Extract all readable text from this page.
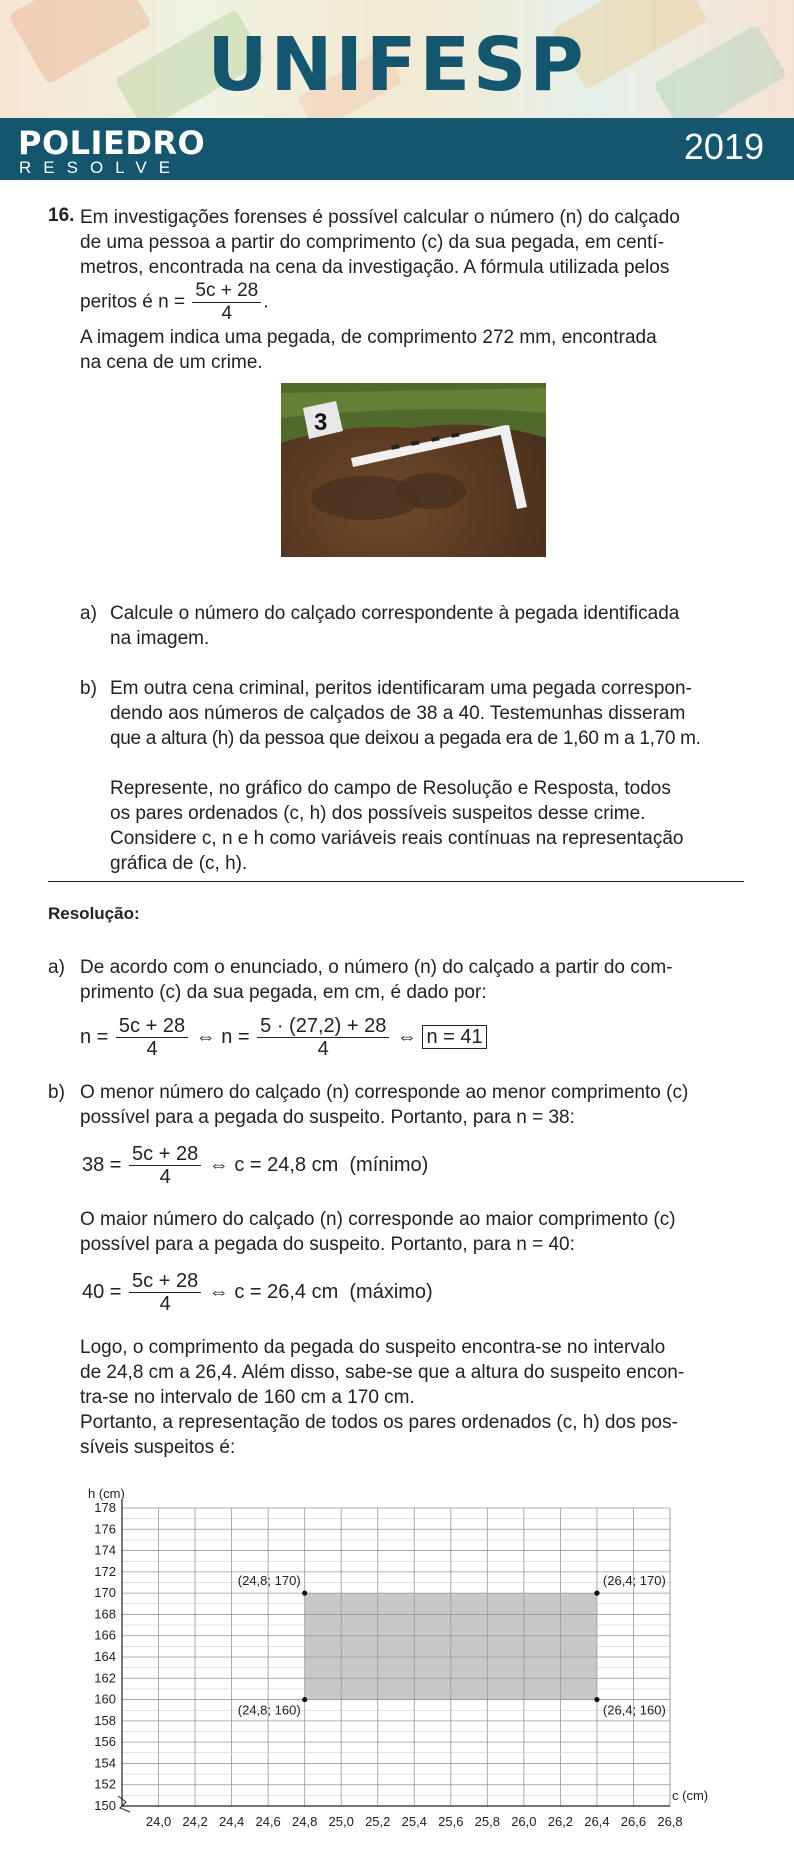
UNIFESP
POLIEDRO
RESOLVE
2019
16. Em investigações forenses é possível calcular o número (n) do calçado
de uma pessoa a partir do comprimento (c) da sua pegada, em centí-
metros, encontrada na cena da investigação. A fórmula utilizada pelos
peritos é $n = \frac{5c + 28}{4}$ .
A imagem indica uma pegada, de comprimento 272 mm, encontrada
na cena de um crime.
3
a) Calcule o número do calçado correspondente à pegada identificada
na imagem.
b) Em outra cena criminal, peritos identificaram uma pegada correspon-
dendo aos números de calçados de 38 a 40. Testemunhas disseram
que a altura (h) da pessoa que deixou a pegada era de 1,60 m a 1,70 m.
Represente, no gráfico do campo de Resolução e Resposta, todos
os pares ordenados (c, h) dos possíveis suspeitos desse crime.
Considere c, n e h como variáveis reais contínuas na representação
gráfica de (c, h).
Resolução:
a) De acordo com o enunciado, o número (n) do calçado a partir do com-
primento (c) da sua pegada, em cm, é dado por:
$n = \frac{5c + 28}{4}$ ⇔ $n = \frac{5 \cdot (27,2) + 28}{4}$ ⇔ n = 41
b) O menor número do calçado (n) corresponde ao menor comprimento (c)
possível para a pegada do suspeito. Portanto, para n = 38:
$38 = \frac{5c + 28}{4}$ ⇔ c = 24,8 cm  (mínimo)
O maior número do calçado (n) corresponde ao maior comprimento (c)
possível para a pegada do suspeito. Portanto, para n = 40:
$40 = \frac{5c + 28}{4}$ ⇔ c = 26,4 cm  (máximo)
Logo, o comprimento da pegada do suspeito encontra-se no intervalo
de 24,8 cm a 26,4. Além disso, sabe-se que a altura do suspeito encon-
tra-se no intervalo de 160 cm a 170 cm.
Portanto, a representação de todos os pares ordenados (c, h) dos pos-
síveis suspeitos é:
24,0 24,2 24,4 24,6 24,8 25,0 25,2 25,4 25,6 25,8 26,0 26,2 26,4 26,6 26,8
150
152
154
156
158
160
162
164
166
168
170
172
174
176
178
h (cm)
c (cm)
(24,8; 170)	(26,4; 170)
(24,8; 160)	(26,4; 160)
